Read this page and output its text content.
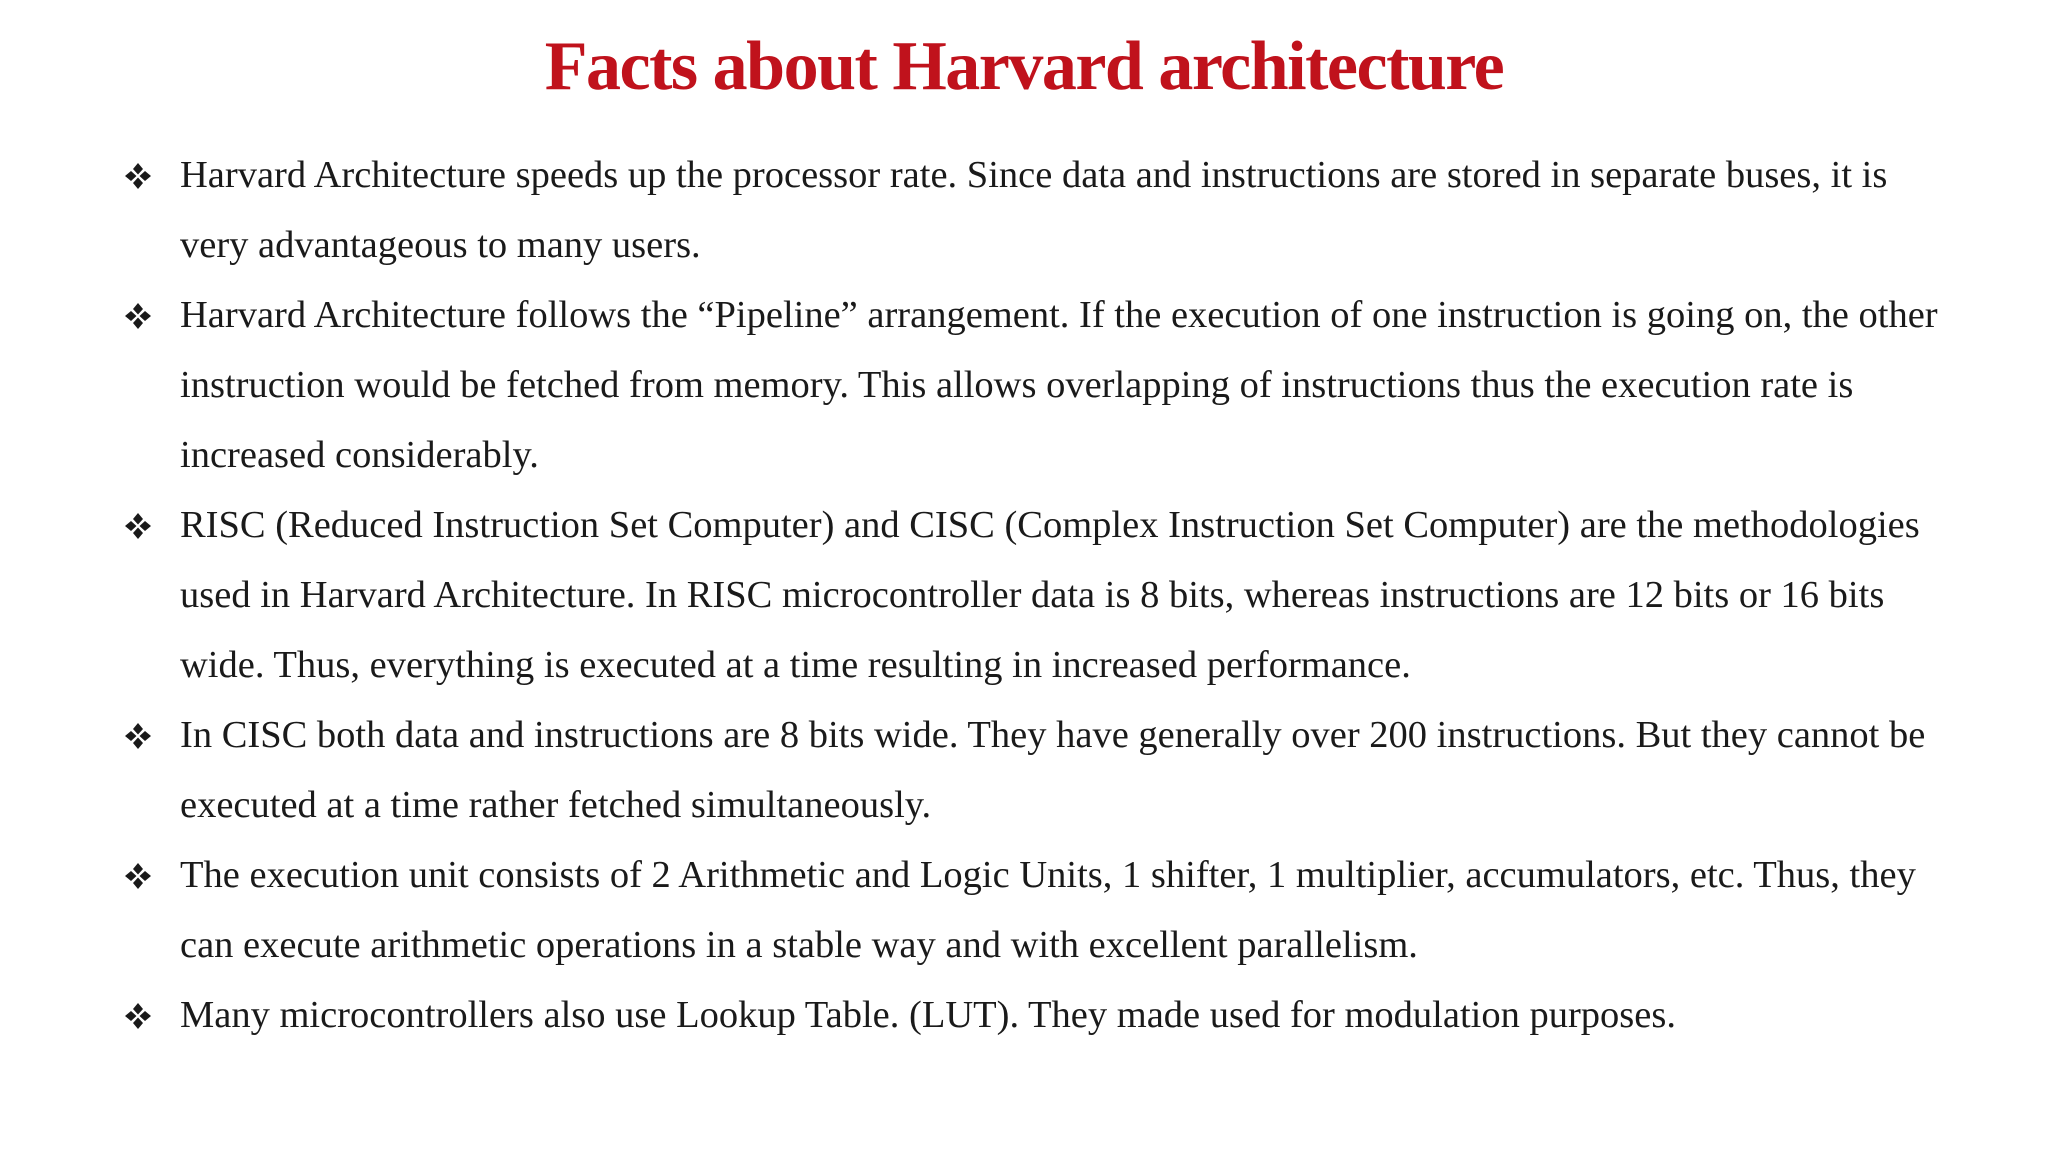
Facts about Harvard architecture
Harvard Architecture speeds up the processor rate. Since data and instructions are stored in separate buses, it is very advantageous to many users.
Harvard Architecture follows the “Pipeline” arrangement. If the execution of one instruction is going on, the other instruction would be fetched from memory. This allows overlapping of instructions thus the execution rate is increased considerably.
RISC (Reduced Instruction Set Computer) and CISC (Complex Instruction Set Computer) are the methodologies used in Harvard Architecture. In RISC microcontroller data is 8 bits, whereas instructions are 12 bits or 16 bits wide. Thus, everything is executed at a time resulting in increased performance.
In CISC both data and instructions are 8 bits wide. They have generally over 200 instructions. But they cannot be executed at a time rather fetched simultaneously.
The execution unit consists of 2 Arithmetic and Logic Units, 1 shifter, 1 multiplier, accumulators, etc. Thus, they can execute arithmetic operations in a stable way and with excellent parallelism.
Many microcontrollers also use Lookup Table. (LUT). They made used for modulation purposes.
